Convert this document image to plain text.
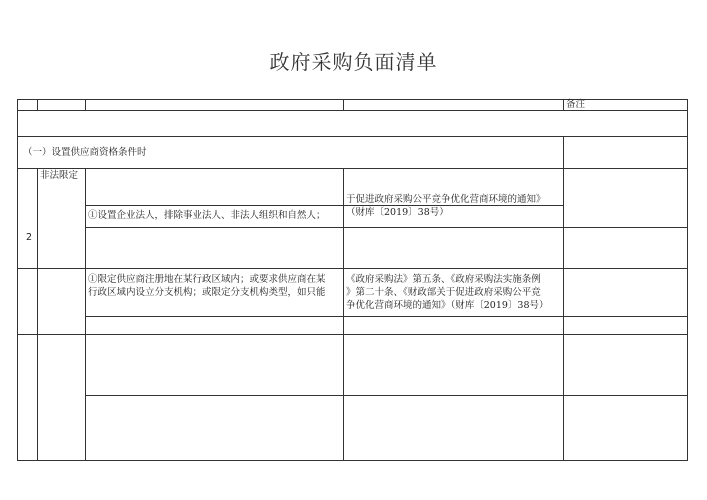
政府采购负面清单
备注
（一）设置供应商资格条件时
非法限定
2
①设置企业法人，排除事业法人、非法人组织和自然人；
于促进政府采购公平竞争优化营商环境的通知》
（财库〔2019〕38号）
①限定供应商注册地在某行政区域内；或要求供应商在某
行政区域内设立分支机构；或限定分支机构类型，如只能
《政府采购法》第五条、《政府采购法实施条例
》第二十条、《财政部关于促进政府采购公平竞
争优化营商环境的通知》（财库〔2019〕38号）
